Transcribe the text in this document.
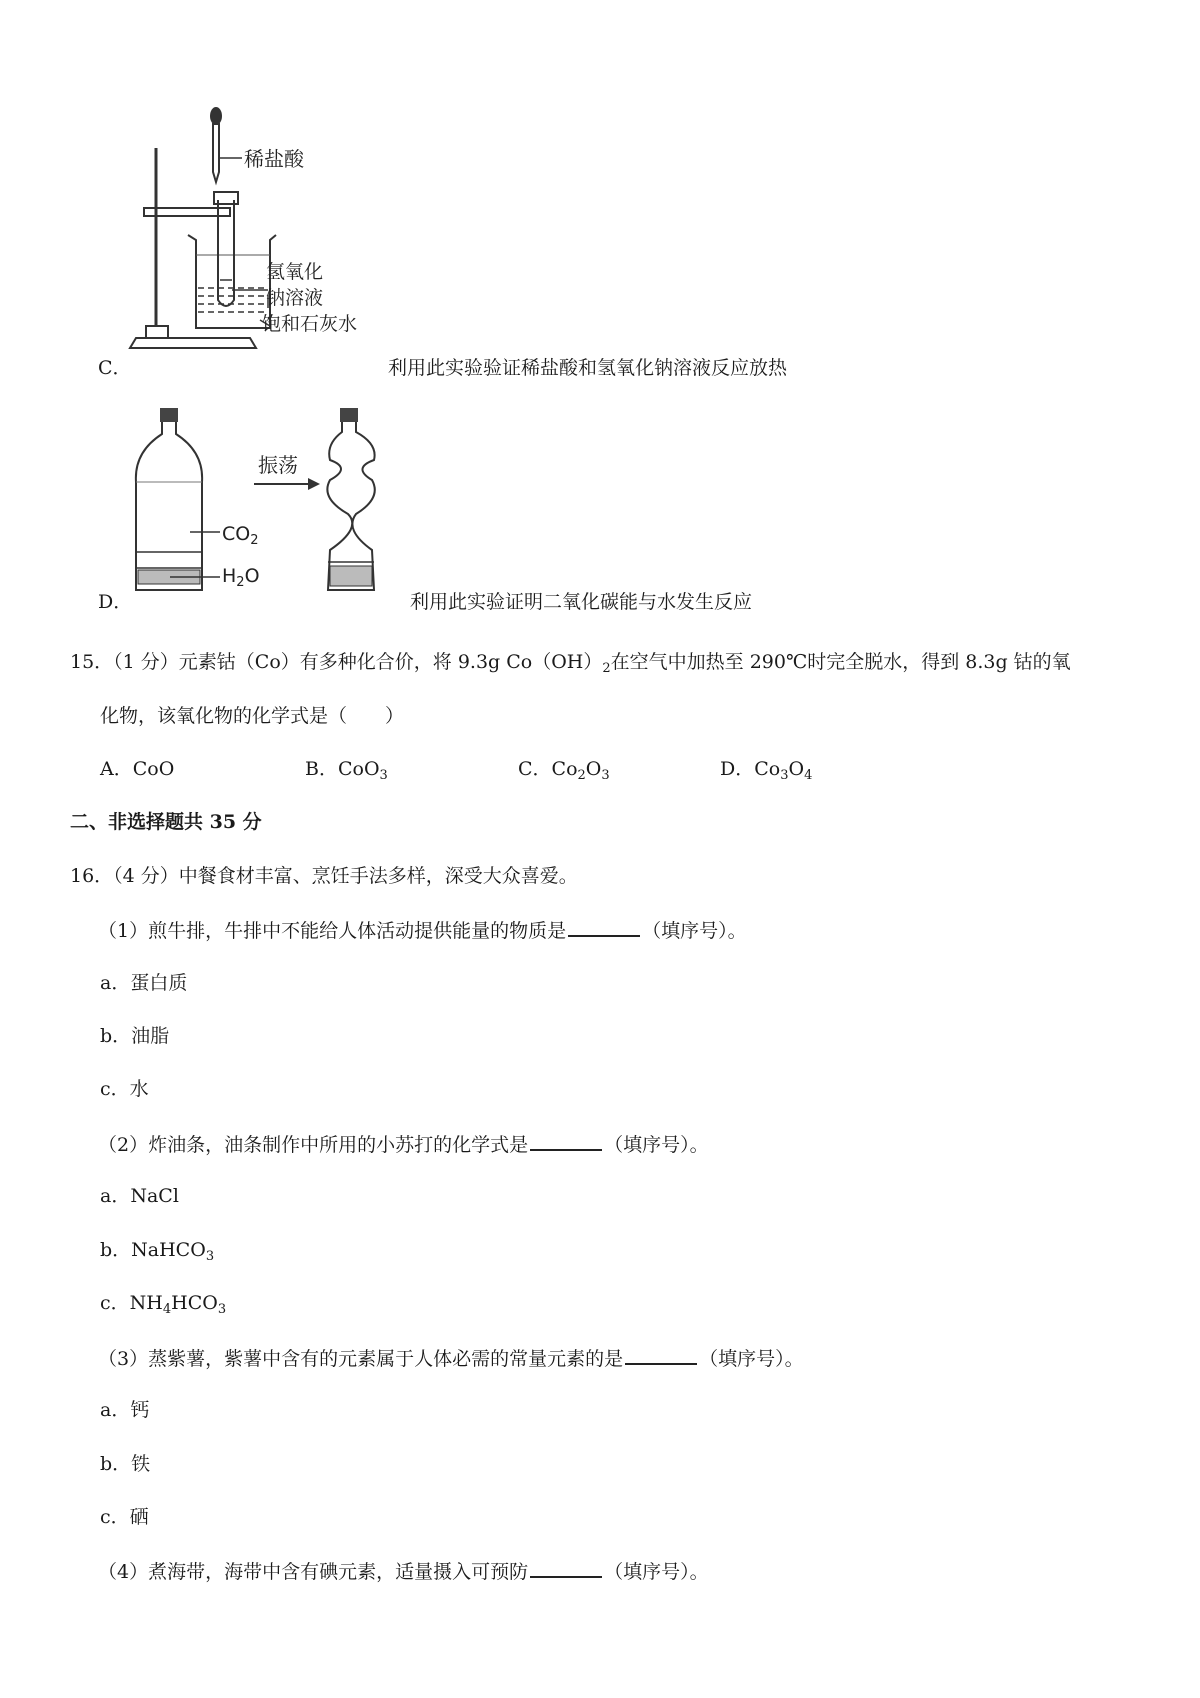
稀盐酸
氢氧化
钠溶液
饱和石灰水
C．	利用此实验验证稀盐酸和氢氧化钠溶液反应放热
$CO_2$
$H_2O$
振荡
D．	利用此实验证明二氧化碳能与水发生反应
15．（1 分）元素钴（Co）有多种化合价，将 9.3g $Co(OH)_2$在空气中加热至 290℃时完全脱水，得到 8.3g 钴的氧
化物，该氧化物的化学式是（　　）
A．CoO	B．CoO$_3$	C．$Co_2O_3$	D．$Co_3O_4$
二、非选择题共 35 分
16．（4 分）中餐食材丰富、烹饪手法多样，深受大众喜爱。
（1）煎牛排，牛排中不能给人体活动提供能量的物质是	（填序号）。
a．蛋白质
b．油脂
c．水
（2）炸油条，油条制作中所用的小苏打的化学式是	（填序号）。
a．NaCl
b．NaHCO$_3$
c．$NH_4HCO_3$
（3）蒸紫薯，紫薯中含有的元素属于人体必需的常量元素的是	（填序号）。
a．钙
b．铁
c．硒
（4）煮海带，海带中含有碘元素，适量摄入可预防	（填序号）。
